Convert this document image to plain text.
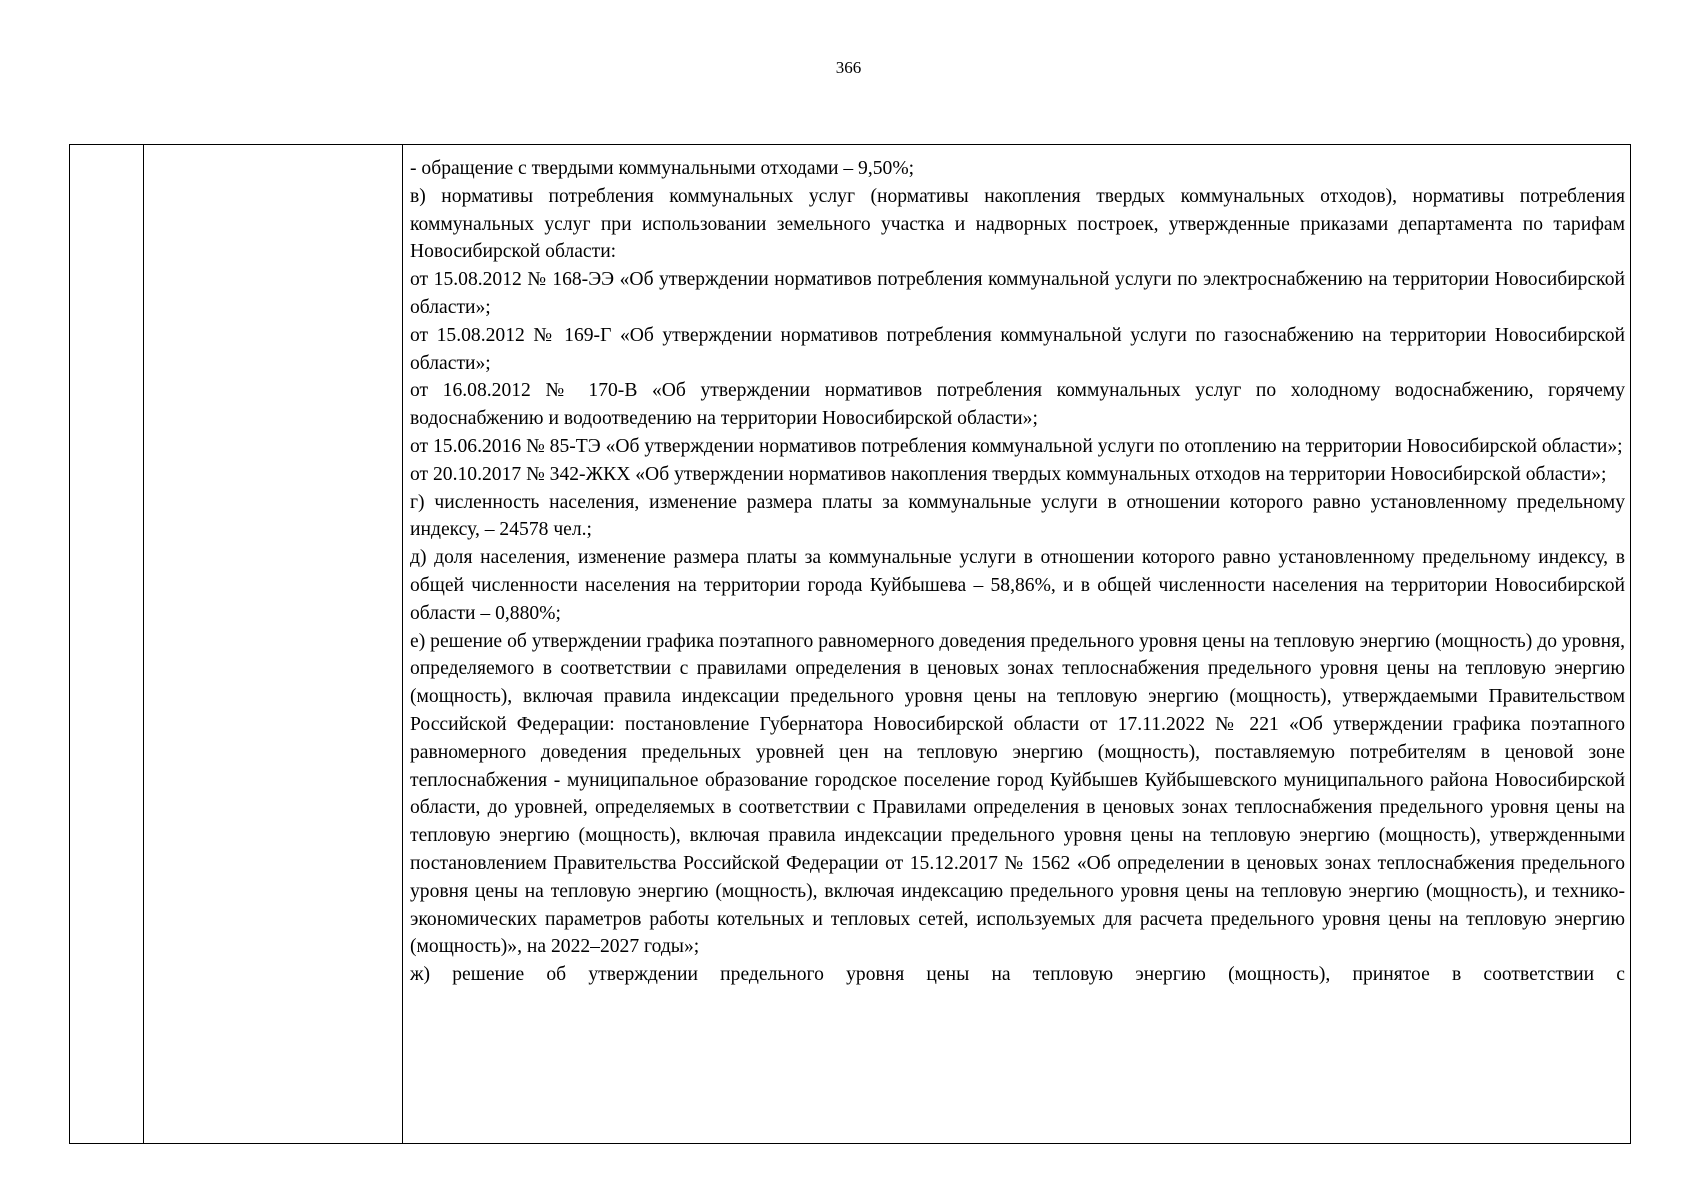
366

- обращение с твердыми коммунальными отходами – 9,50%;

в) нормативы потребления коммунальных услуг (нормативы накопления твердых коммунальных отходов), нормативы потребления коммунальных услуг при использовании земельного участка и надворных построек, утвержденные приказами департамента по тарифам Новосибирской области:

от 15.08.2012 № 168-ЭЭ «Об утверждении нормативов потребления коммунальной услуги по электроснабжению на территории Новосибирской области»;

от 15.08.2012 № 169-Г «Об утверждении нормативов потребления коммунальной услуги по газоснабжению на территории Новосибирской области»;

от 16.08.2012 № 170-В «Об утверждении нормативов потребления коммунальных услуг по холодному водоснабжению, горячему водоснабжению и водоотведению на территории Новосибирской области»;

от 15.06.2016 № 85-ТЭ «Об утверждении нормативов потребления коммунальной услуги по отоплению на территории Новосибирской области»;

от 20.10.2017 № 342-ЖКХ «Об утверждении нормативов накопления твердых коммунальных отходов на территории Новосибирской области»;

г) численность населения, изменение размера платы за коммунальные услуги в отношении которого равно установленному предельному индексу, – 24578 чел.;

д) доля населения, изменение размера платы за коммунальные услуги в отношении которого равно установленному предельному индексу, в общей численности населения на территории города Куйбышева – 58,86%, и в общей численности населения на территории Новосибирской области – 0,880%;

е) решение об утверждении графика поэтапного равномерного доведения предельного уровня цены на тепловую энергию (мощность) до уровня, определяемого в соответствии с правилами определения в ценовых зонах теплоснабжения предельного уровня цены на тепловую энергию (мощность), включая правила индексации предельного уровня цены на тепловую энергию (мощность), утверждаемыми Правительством Российской Федерации: постановление Губернатора Новосибирской области от 17.11.2022 № 221 «Об утверждении графика поэтапного равномерного доведения предельных уровней цен на тепловую энергию (мощность), поставляемую потребителям в ценовой зоне теплоснабжения - муниципальное образование городское поселение город Куйбышев Куйбышевского муниципального района Новосибирской области, до уровней, определяемых в соответствии с Правилами определения в ценовых зонах теплоснабжения предельного уровня цены на тепловую энергию (мощность), включая правила индексации предельного уровня цены на тепловую энергию (мощность), утвержденными постановлением Правительства Российской Федерации от 15.12.2017 № 1562 «Об определении в ценовых зонах теплоснабжения предельного уровня цены на тепловую энергию (мощность), включая индексацию предельного уровня цены на тепловую энергию (мощность), и технико-экономических параметров работы котельных и тепловых сетей, используемых для расчета предельного уровня цены на тепловую энергию (мощность)», на 2022–2027 годы»;

ж) решение об утверждении предельного уровня цены на тепловую энергию (мощность), принятое в соответствии с
